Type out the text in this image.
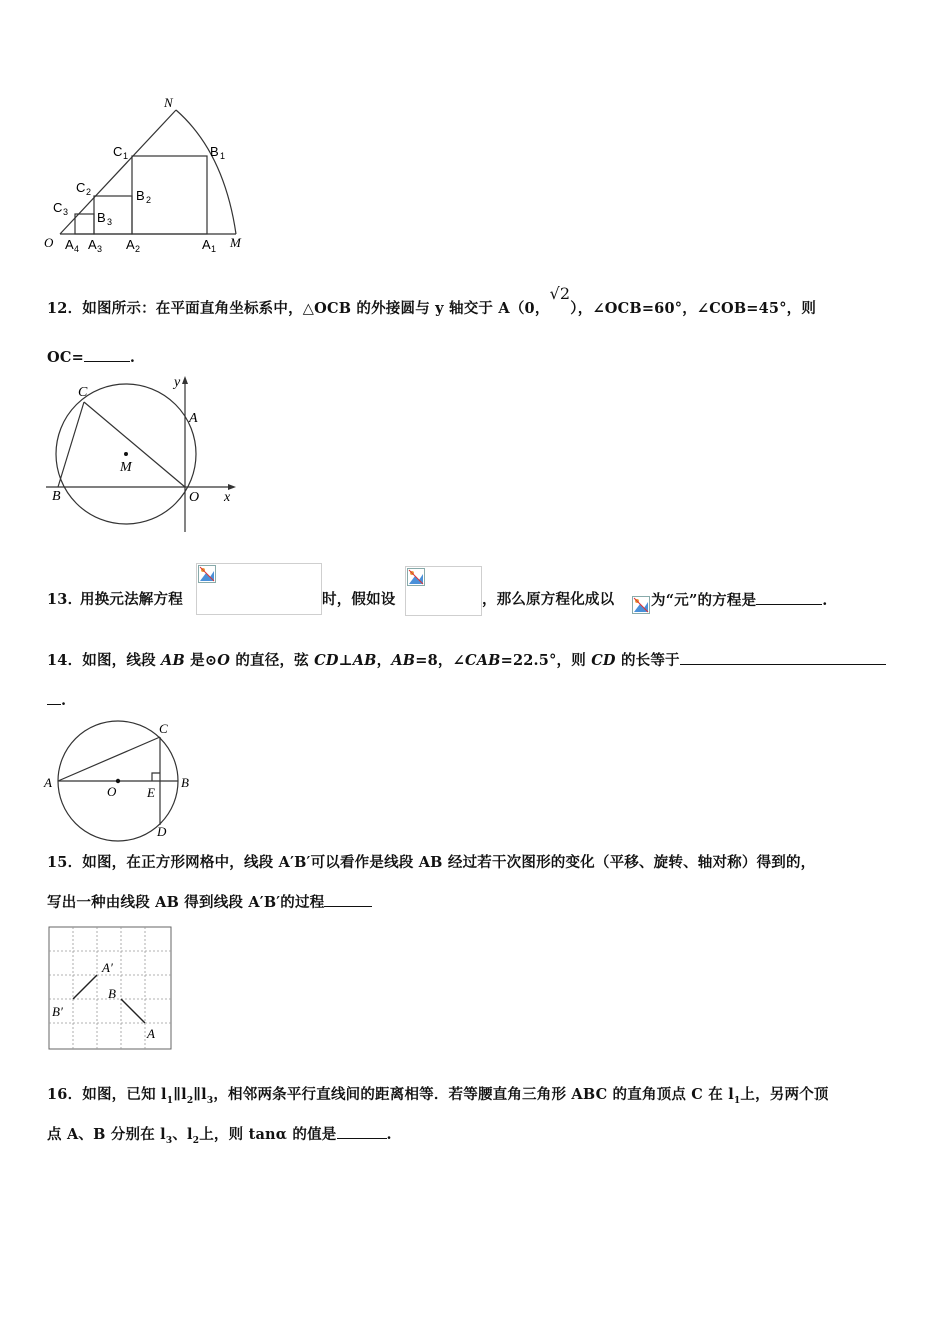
N
M
O
C 1
C 2
C 3
B 1
B 2
B 3
A 4 A 3 A 2	A 1
12．如图所示：在平面直角坐标系中，△OCB 的外接圆与 y 轴交于 A（0，√2），∠OCB=60°，∠COB=45°，则
OC=	.
C
y
A
M
B	O x
13．
用换元法解方程	时，假如设	，那么原方程化成以	为“元”的方程是	.
14．如图，线段 AB 是⊙O 的直径，弦 CD⊥AB，AB=8，∠CAB=22.5°，则 CD 的长等于
.
A	B
C
D
O E
15．如图，在正方形网格中，线段 A′B′可以看作是线段 AB 经过若干次图形的变化（平移、旋转、轴对称）得到的，
写出一种由线段 AB 得到线段 A′B′的过程
A′
B′
B
A
16．如图，已知 $l_1\parallel l_2\parallel l_3$，相邻两条平行直线间的距离相等．若等腰直角三角形 ABC 的直角顶点 C 在 $l_1$上，另两个顶
点 A、B 分别在 $l_3$、$l_2$上，则 tanα 的值是	.
